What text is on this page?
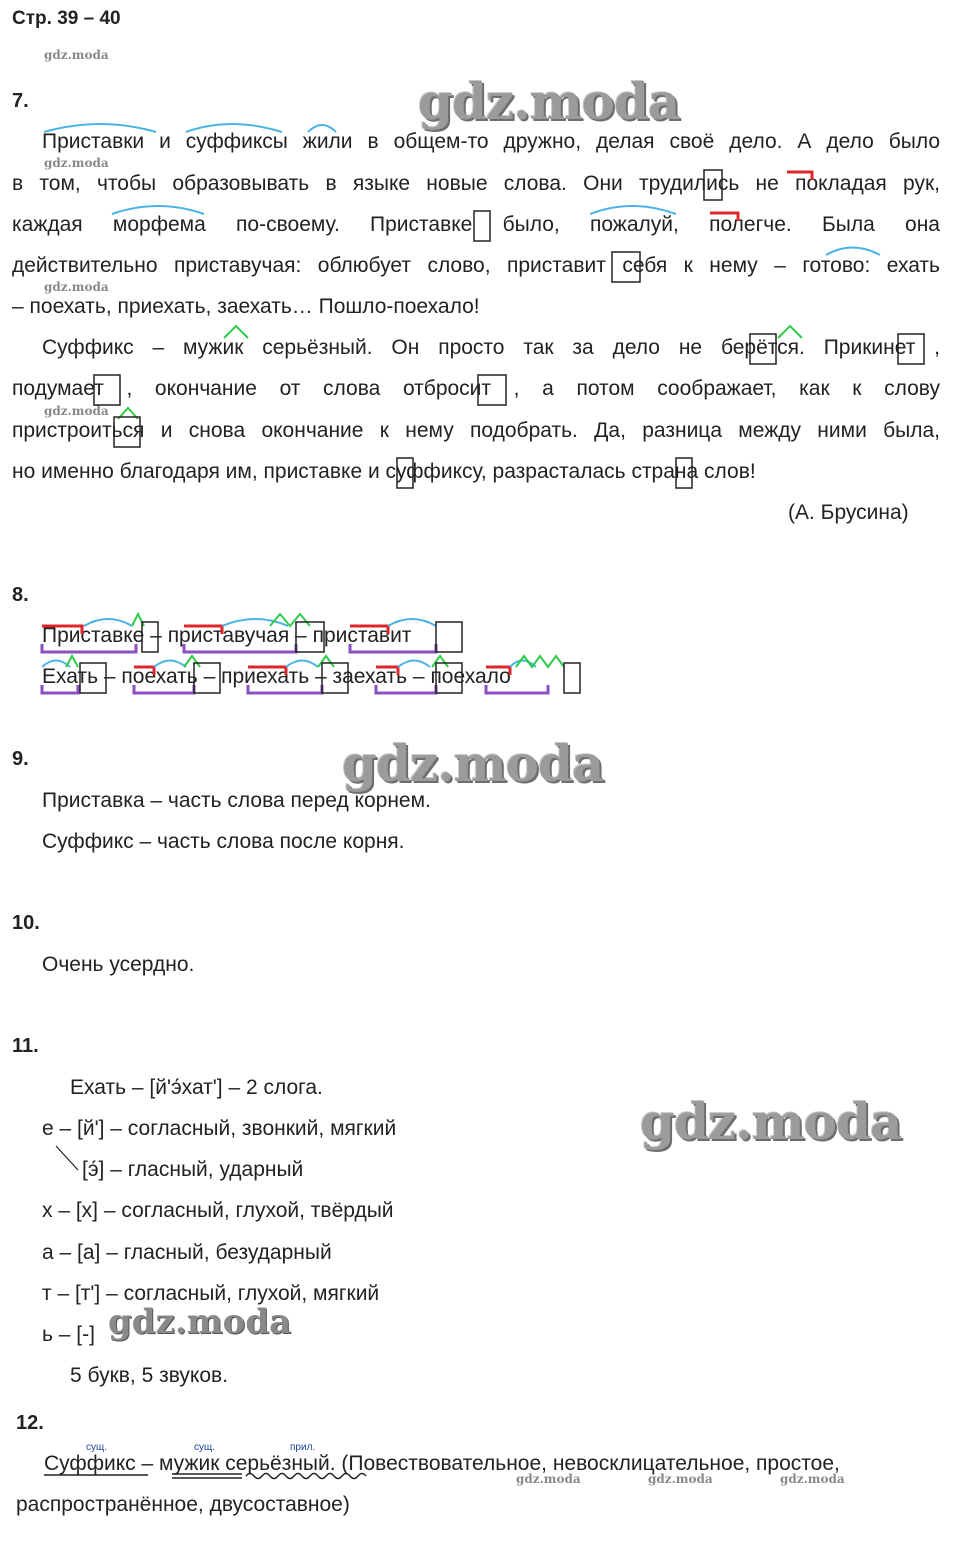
Стр. 39 – 40
gdz.moda
gdz.moda
gdz.moda
gdz.moda
gdz.moda
gdz.moda
gdz.moda
gdz.moda
gdz.moda	gdz.moda	gdz.moda
7.
Приставки и суффиксы жили в общем-то дружно, делая своё дело. А дело было
в том, чтобы образовывать в языке новые слова. Они трудились не покладая рук,
каждая морфема по-своему. Приставке было, пожалуй, полегче. Была она
действительно приставучая: облюбует слово, приставит себя к нему – готово: ехать
– поехать, приехать, заехать… Пошло-поехало!
Суффикс – мужик серьёзный. Он просто так за дело не берётся. Прикинет ,
подумает , окончание от слова отбросит , а потом соображает, как к слову
пристроиться и снова окончание к нему подобрать. Да, разница между ними была,
но именно благодаря им, приставке и суффиксу, разрасталась страна слов!
(А. Брусина)
8.
Приставке – приставучая – приставит
Ехать – поехать – приехать – заехать – поехало
9.
Приставка – часть слова перед корнем.
Суффикс – часть слова после корня.
10.
Очень усердно.
11.
Ехать – [й'э́хат'] – 2 слога.
е – [й'] – согласный, звонкий, мягкий
[э́] – гласный, ударный
х – [х] – согласный, глухой, твёрдый
а – [а] – гласный, безударный
т – [т'] – согласный, глухой, мягкий
ь – [-]
5 букв, 5 звуков.
12.
сущ.	сущ.	прил.
Суффикс – мужик серьёзный. (Повествовательное, невосклицательное, простое,
распространённое, двусоставное)
